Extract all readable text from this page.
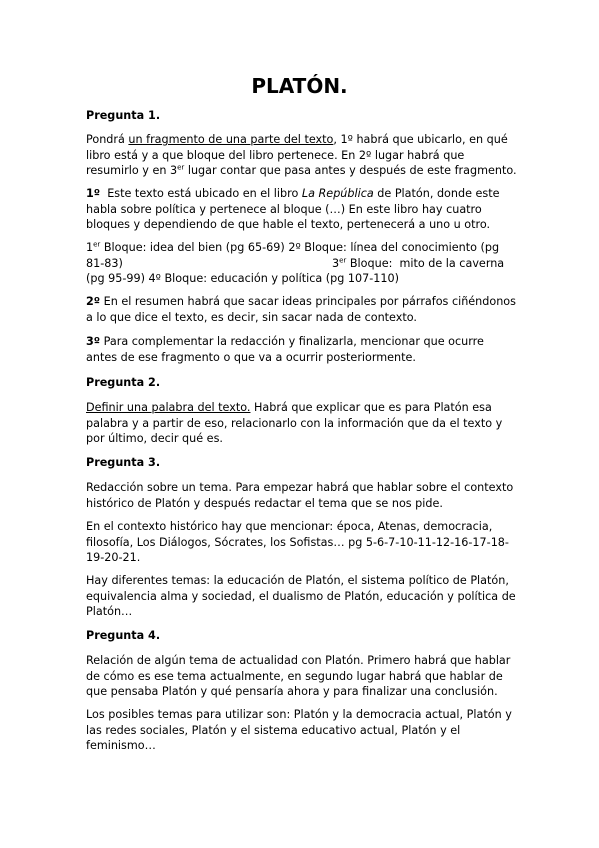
PLATÓN.
Pregunta 1.
Pondrá un fragmento de una parte del texto, 1º habrá que ubicarlo, en qué
libro está y a que bloque del libro pertenece. En 2º lugar habrá que
resumirlo y en 3er lugar contar que pasa antes y después de este fragmento.
1º  Este texto está ubicado en el libro La República de Platón, donde este
habla sobre política y pertenece al bloque (…) En este libro hay cuatro
bloques y dependiendo de que hable el texto, pertenecerá a uno u otro.
1er Bloque: idea del bien (pg 65-69) 2º Bloque: línea del conocimiento (pg
81-83)	3er Bloque:  mito de la caverna
(pg 95-99) 4º Bloque: educación y política (pg 107-110)
2º En el resumen habrá que sacar ideas principales por párrafos ciñéndonos
a lo que dice el texto, es decir, sin sacar nada de contexto.
3º Para complementar la redacción y finalizarla, mencionar que ocurre
antes de ese fragmento o que va a ocurrir posteriormente.
Pregunta 2.
Definir una palabra del texto. Habrá que explicar que es para Platón esa
palabra y a partir de eso, relacionarlo con la información que da el texto y
por último, decir qué es.
Pregunta 3.
Redacción sobre un tema. Para empezar habrá que hablar sobre el contexto
histórico de Platón y después redactar el tema que se nos pide.
En el contexto histórico hay que mencionar: época, Atenas, democracia,
filosofía, Los Diálogos, Sócrates, los Sofistas… pg 5-6-7-10-11-12-16-17-18-
19-20-21.
Hay diferentes temas: la educación de Platón, el sistema político de Platón,
equivalencia alma y sociedad, el dualismo de Platón, educación y política de
Platón…
Pregunta 4.
Relación de algún tema de actualidad con Platón. Primero habrá que hablar
de cómo es ese tema actualmente, en segundo lugar habrá que hablar de
que pensaba Platón y qué pensaría ahora y para finalizar una conclusión.
Los posibles temas para utilizar son: Platón y la democracia actual, Platón y
las redes sociales, Platón y el sistema educativo actual, Platón y el
feminismo…
